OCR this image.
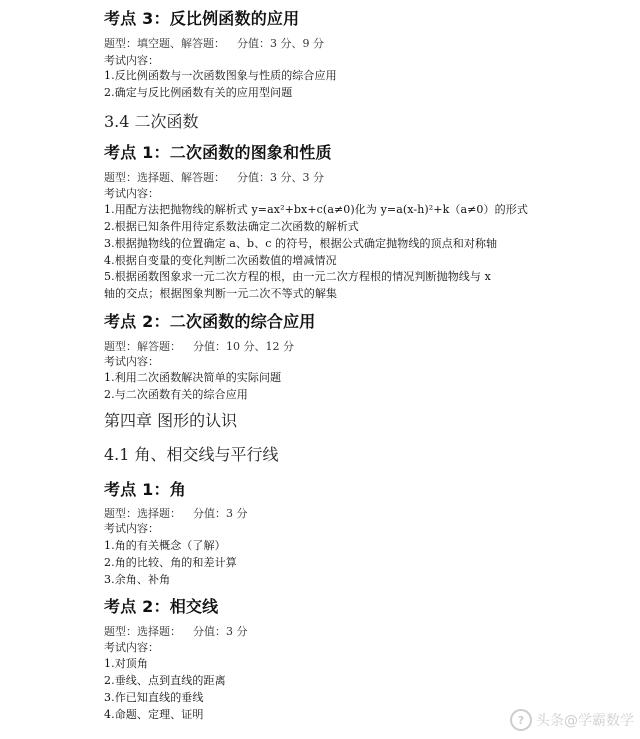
考点 3：反比例函数的应用
题型：填空题、解答题： 分值：3 分、9 分
考试内容：
1.反比例函数与一次函数图象与性质的综合应用
2.确定与反比例函数有关的应用型问题
3.4 二次函数
考点 1：二次函数的图象和性质
题型：选择题、解答题： 分值：3 分、3 分
考试内容：
1.用配方法把抛物线的解析式 y=ax²+bx+c(a≠0)化为 y=a(x-h)²+k（a≠0）的形式
2.根据已知条件用待定系数法确定二次函数的解析式
3.根据抛物线的位置确定 a、b、c 的符号，根据公式确定抛物线的顶点和对称轴
4.根据自变量的变化判断二次函数值的增减情况
5.根据函数图象求一元二次方程的根，由一元二次方程根的情况判断抛物线与 x
轴的交点；根据图象判断一元二次不等式的解集
考点 2：二次函数的综合应用
题型：解答题： 分值：10 分、12 分
考试内容：
1.利用二次函数解决简单的实际问题
2.与二次函数有关的综合应用
第四章 图形的认识
4.1 角、相交线与平行线
考点 1：角
题型：选择题： 分值：3 分
考试内容：
1.角的有关概念（了解）
2.角的比较、角的和差计算
3.余角、补角
考点 2：相交线
题型：选择题： 分值：3 分
考试内容：
1.对顶角
2.垂线、点到直线的距离
3.作已知直线的垂线
4.命题、定理、证明	? 头条@学霸数学
